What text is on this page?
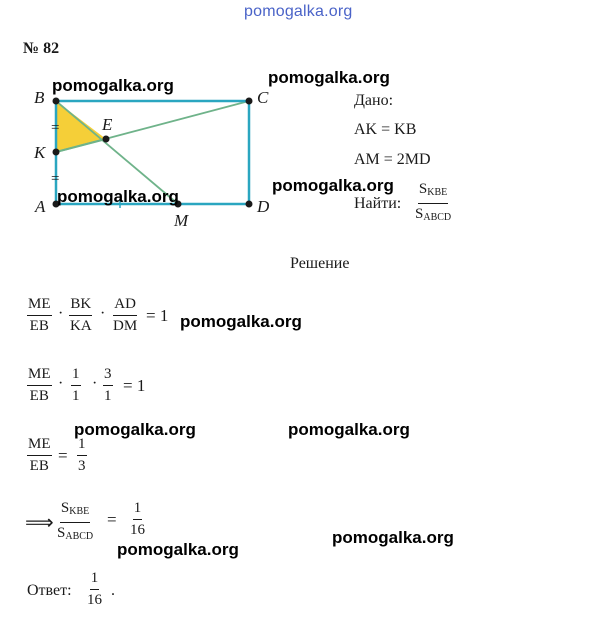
pomogalka.org
№ 82
=
=
B	C
E
K
A
M
D
Дано:
AK = KB
AM = 2MD
Найти:
$S_{KBE}$
$S_{ABCD}$
Решение
$\frac{ME}{EB} \cdot \frac{BK}{KA} \cdot \frac{AD}{DM} = 1$
$\frac{ME}{EB} \cdot \frac{1}{1} \cdot \frac{3}{1} = 1$
$\frac{ME}{EB} = \frac{1}{3}$
⟹
$S_{KBE}$
$S_{ABCD}$
= $\frac{1}{16}$
Ответ: $\frac{1}{16}$ .
pomogalka.org	pomogalka.org
pomogalka.org
pomogalka.org
pomogalka.org
pomogalka.org	pomogalka.org
pomogalka.org
pomogalka.org
